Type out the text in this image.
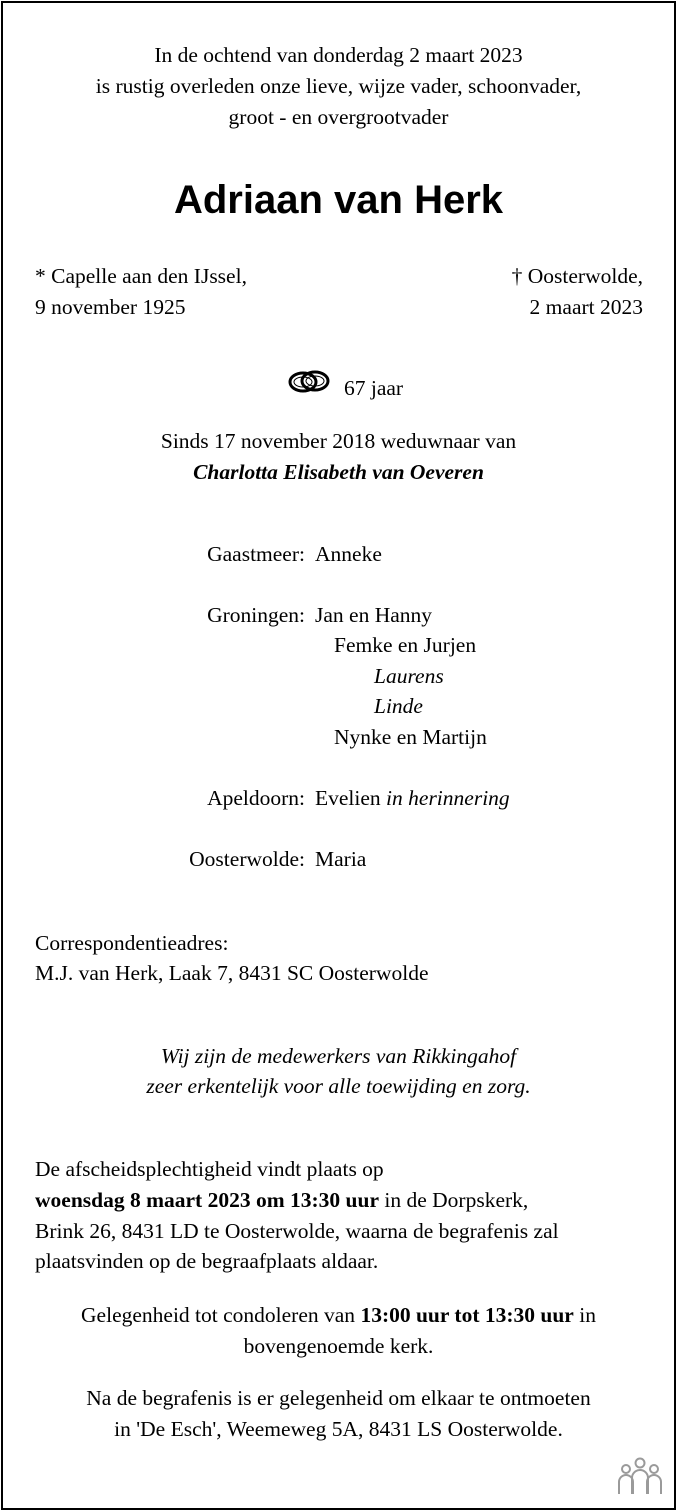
In de ochtend van donderdag 2 maart 2023
is rustig overleden onze lieve, wijze vader, schoonvader,
groot - en overgrootvader
Adriaan van Herk
* Capelle aan den IJssel,
9 november 1925
† Oosterwolde,
2 maart 2023
67 jaar
Sinds 17 november 2018 weduwnaar van
Charlotta Elisabeth van Oeveren
Gaastmeer: Anneke
Groningen: Jan en Hanny
Femke en Jurjen
Laurens
Linde
Nynke en Martijn
Apeldoorn: Evelien in herinnering
Oosterwolde: Maria
Correspondentieadres:
M.J. van Herk, Laak 7, 8431 SC Oosterwolde
Wij zijn de medewerkers van Rikkingahof
zeer erkentelijk voor alle toewijding en zorg.
De afscheidsplechtigheid vindt plaats op
woensdag 8 maart 2023 om 13:30 uur in de Dorpskerk,
Brink 26, 8431 LD te Oosterwolde, waarna de begrafenis zal
plaatsvinden op de begraafplaats aldaar.
Gelegenheid tot condoleren van 13:00 uur tot 13:30 uur in
bovengenoemde kerk.
Na de begrafenis is er gelegenheid om elkaar te ontmoeten
in 'De Esch', Weemeweg 5A, 8431 LS Oosterwolde.
